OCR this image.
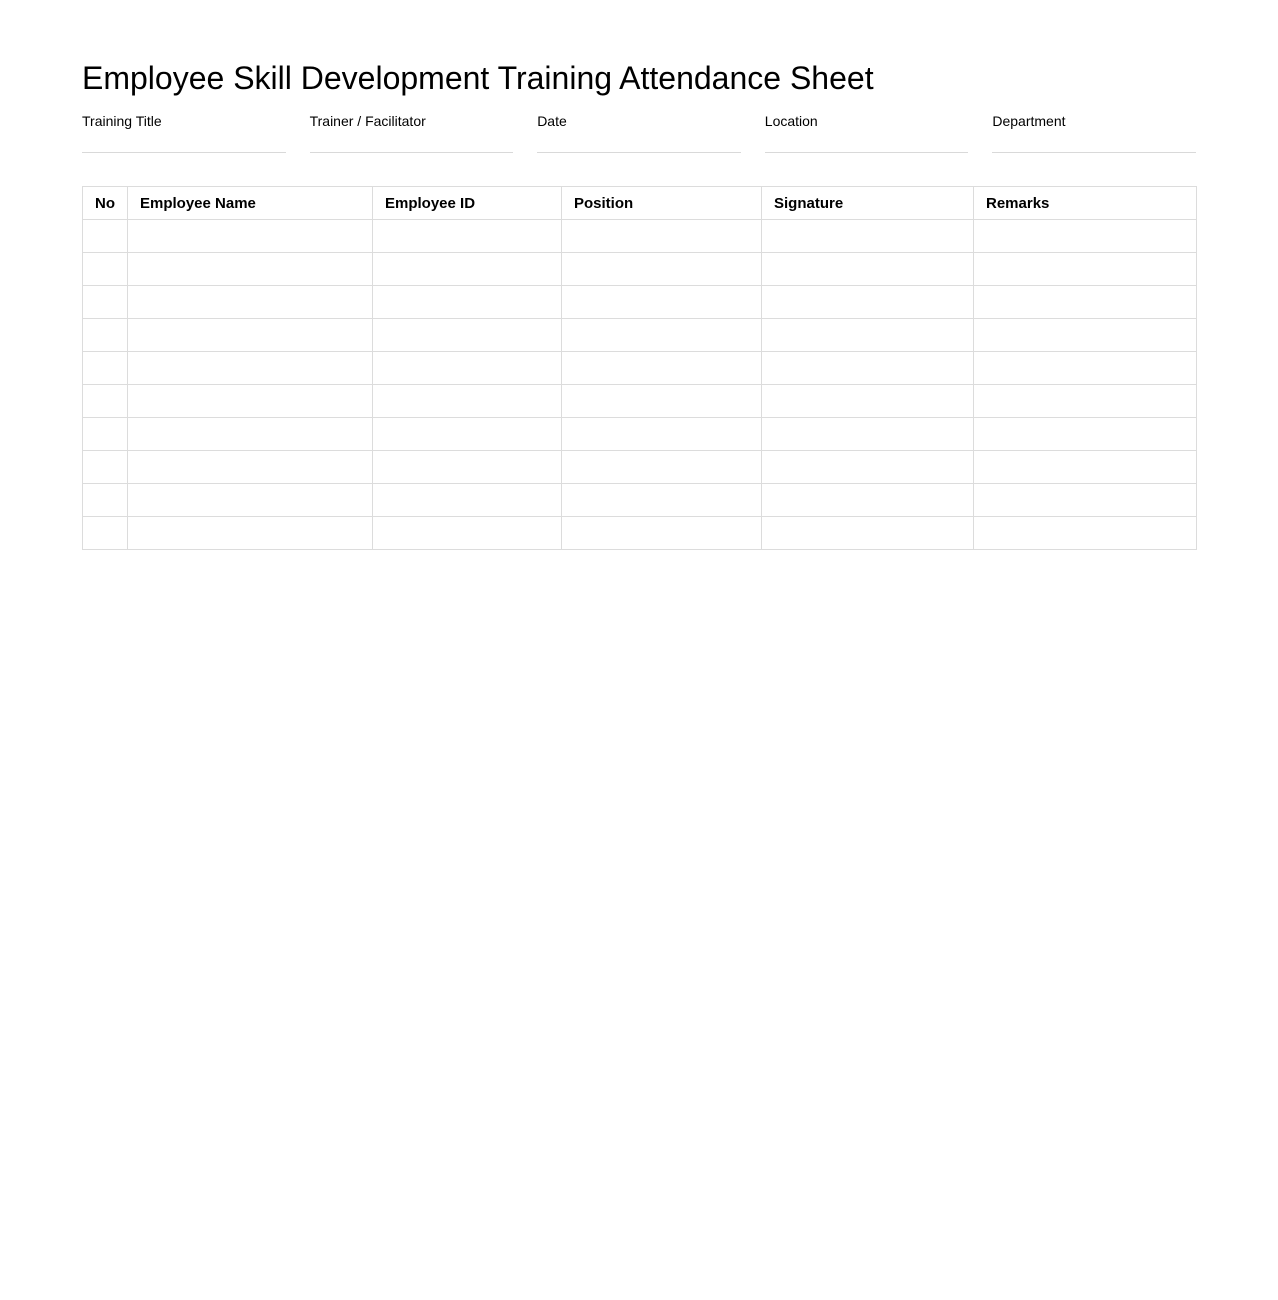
Employee Skill Development Training Attendance Sheet
Training Title	Trainer / Facilitator	Date	Location	Department
No	Employee Name	Employee ID	Position	Signature	Remarks
